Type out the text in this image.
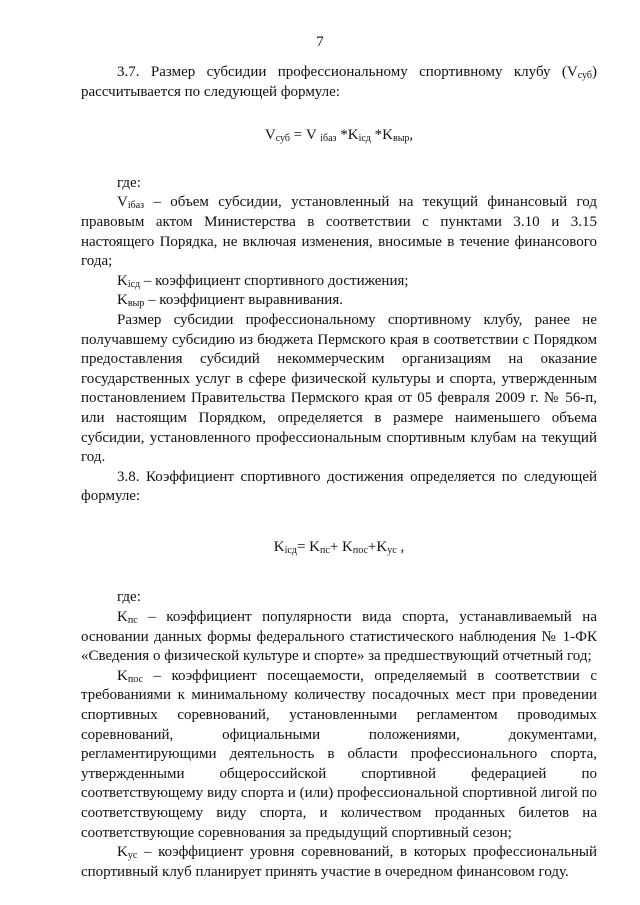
7

3.7. Размер субсидии профессиональному спортивному клубу $(V_{суб})$ рассчитывается по следующей формуле:

$V_{суб} = V$ $_{iбаз}$ $*K_{iсд}$ $*K_{выр}$,

где:

$V_{iбаз}$ – объем субсидии, установленный на текущий финансовый год правовым актом Министерства в соответствии с пунктами 3.10 и 3.15 настоящего Порядка, не включая изменения, вносимые в течение финансового года;

$K_{iсд}$ – коэффициент спортивного достижения;

$K_{выр}$ – коэффициент выравнивания.

Размер субсидии профессиональному спортивному клубу, ранее не получавшему субсидию из бюджета Пермского края в соответствии с Порядком предоставления субсидий некоммерческим организациям на оказание государственных услуг в сфере физической культуры и спорта, утвержденным постановлением Правительства Пермского края от 05 февраля 2009 г. № 56-п, или настоящим Порядком, определяется в размере наименьшего объема субсидии, установленного профессиональным спортивным клубам на текущий год.

3.8. Коэффициент спортивного достижения определяется по следующей формуле:

$K_{iсд}= K_{пс}+ K_{пос}+K_{ус}$ ,

где:

$K_{пс}$ – коэффициент популярности вида спорта, устанавливаемый на основании данных формы федерального статистического наблюдения № 1-ФК «Сведения о физической культуре и спорте» за предшествующий отчетный год;

$K_{пос}$ – коэффициент посещаемости, определяемый в соответствии с требованиями к минимальному количеству посадочных мест при проведении спортивных соревнований, установленными регламентом проводимых соревнований, официальными положениями, документами, регламентирующими деятельность в области профессионального спорта, утвержденными общероссийской спортивной федерацией по соответствующему виду спорта и (или) профессиональной спортивной лигой по соответствующему виду спорта, и количеством проданных билетов на соответствующие соревнования за предыдущий спортивный сезон;

$K_{ус}$ – коэффициент уровня соревнований, в которых профессиональный спортивный клуб планирует принять участие в очередном финансовом году.
